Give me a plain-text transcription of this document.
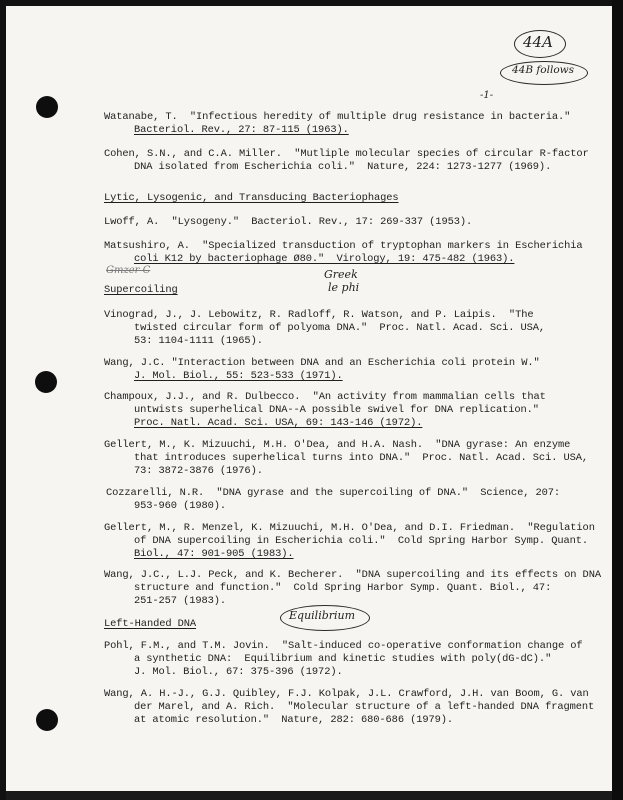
44A
44B follows
-1-

Watanabe, T.  "Infectious heredity of multiple drug resistance in bacteria."

Bacteriol. Rev., 27: 87-115 (1963).

Cohen, S.N., and C.A. Miller.  "Mutliple molecular species of circular R-factor

DNA isolated from Escherichia coli."  Nature, 224: 1273-1277 (1969).

Lytic, Lysogenic, and Transducing Bacteriophages

Lwoff, A.  "Lysogeny."  Bacteriol. Rev., 17: 269-337 (1953).

Matsushiro, A.  "Specialized transduction of tryptophan markers in Escherichia

coli K12 by bacteriophage Ø80."  Virology, 19: 475-482 (1963).

Gmzer C	Greek
le phi

Supercoiling

Vinograd, J., J. Lebowitz, R. Radloff, R. Watson, and P. Laipis.  "The

twisted circular form of polyoma DNA."  Proc. Natl. Acad. Sci. USA,

53: 1104-1111 (1965).

Wang, J.C. "Interaction between DNA and an Escherichia coli protein W."

J. Mol. Biol., 55: 523-533 (1971).

Champoux, J.J., and R. Dulbecco.  "An activity from mammalian cells that

untwists superhelical DNA--A possible swivel for DNA replication."

Proc. Natl. Acad. Sci. USA, 69: 143-146 (1972).

Gellert, M., K. Mizuuchi, M.H. O'Dea, and H.A. Nash.  "DNA gyrase: An enzyme

that introduces superhelical turns into DNA."  Proc. Natl. Acad. Sci. USA,

73: 3872-3876 (1976).

Cozzarelli, N.R.  "DNA gyrase and the supercoiling of DNA."  Science, 207:

953-960 (1980).

Gellert, M., R. Menzel, K. Mizuuchi, M.H. O'Dea, and D.I. Friedman.  "Regulation

of DNA supercoiling in Escherichia coli."  Cold Spring Harbor Symp. Quant.

Biol., 47: 901-905 (1983).

Wang, J.C., L.J. Peck, and K. Becherer.  "DNA supercoiling and its effects on DNA

structure and function."  Cold Spring Harbor Symp. Quant. Biol., 47:

251-257 (1983).

Left-Handed DNA

Equilibrium

Pohl, F.M., and T.M. Jovin.  "Salt-induced co-operative conformation change of

a synthetic DNA:  Equilibrium and kinetic studies with poly(dG-dC)."

J. Mol. Biol., 67: 375-396 (1972).

Wang, A. H.-J., G.J. Quibley, F.J. Kolpak, J.L. Crawford, J.H. van Boom, G. van

der Marel, and A. Rich.  "Molecular structure of a left-handed DNA fragment

at atomic resolution."  Nature, 282: 680-686 (1979).
